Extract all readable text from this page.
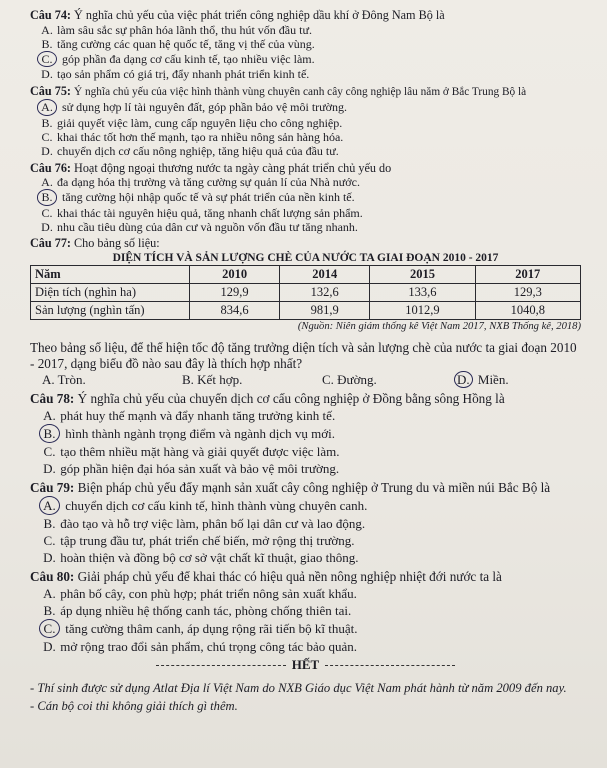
Câu 74: Ý nghĩa chủ yếu của việc phát triển công nghiệp dầu khí ở Đông Nam Bộ là
A. làm sâu sắc sự phân hóa lãnh thổ, thu hút vốn đầu tư.
B. tăng cường các quan hệ quốc tế, tăng vị thế của vùng.
C. góp phần đa dạng cơ cấu kinh tế, tạo nhiều việc làm.
D. tạo sản phẩm có giá trị, đẩy nhanh phát triển kinh tế.
Câu 75: Ý nghĩa chủ yếu của việc hình thành vùng chuyên canh cây công nghiệp lâu năm ở Bắc Trung Bộ là
A. sử dụng hợp lí tài nguyên đất, góp phần bảo vệ môi trường.
B. giải quyết việc làm, cung cấp nguyên liệu cho công nghiệp.
C. khai thác tốt hơn thế mạnh, tạo ra nhiều nông sản hàng hóa.
D. chuyển dịch cơ cấu nông nghiệp, tăng hiệu quả của đầu tư.
Câu 76: Hoạt động ngoại thương nước ta ngày càng phát triển chủ yếu do
A. đa dạng hóa thị trường và tăng cường sự quản lí của Nhà nước.
B. tăng cường hội nhập quốc tế và sự phát triển của nền kinh tế.
C. khai thác tài nguyên hiệu quả, tăng nhanh chất lượng sản phẩm.
D. nhu cầu tiêu dùng của dân cư và nguồn vốn đầu tư tăng nhanh.
Câu 77: Cho bảng số liệu:
DIỆN TÍCH VÀ SẢN LƯỢNG CHÈ CỦA NƯỚC TA GIAI ĐOẠN 2010 - 2017				
Năm	2010	2014	2015	2017
Diện tích (nghìn ha)	129,9	132,6	133,6	129,3
Sản lượng (nghìn tấn)	834,6	981,9	1012,9	1040,8
(Nguồn: Niên giám thống kê Việt Nam 2017, NXB Thống kê, 2018)
Theo bảng số liệu, để thể hiện tốc độ tăng trưởng diện tích và sản lượng chè của nước ta giai đoạn 2010 - 2017, dạng biểu đồ nào sau đây là thích hợp nhất?
A. Tròn.	B. Kết hợp.	C. Đường.	D. Miền.
Câu 78: Ý nghĩa chủ yếu của chuyển dịch cơ cấu công nghiệp ở Đồng bằng sông Hồng là
A. phát huy thế mạnh và đẩy nhanh tăng trưởng kinh tế.
B. hình thành ngành trọng điểm và ngành dịch vụ mới.
C. tạo thêm nhiều mặt hàng và giải quyết được việc làm.
D. góp phần hiện đại hóa sản xuất và bảo vệ môi trường.
Câu 79: Biện pháp chủ yếu đẩy mạnh sản xuất cây công nghiệp ở Trung du và miền núi Bắc Bộ là
A. chuyển dịch cơ cấu kinh tế, hình thành vùng chuyên canh.
B. đào tạo và hỗ trợ việc làm, phân bố lại dân cư và lao động.
C. tập trung đầu tư, phát triển chế biến, mở rộng thị trường.
D. hoàn thiện và đồng bộ cơ sở vật chất kĩ thuật, giao thông.
Câu 80: Giải pháp chủ yếu để khai thác có hiệu quả nền nông nghiệp nhiệt đới nước ta là
A. phân bố cây, con phù hợp; phát triển nông sản xuất khẩu.
B. áp dụng nhiều hệ thống canh tác, phòng chống thiên tai.
C. tăng cường thâm canh, áp dụng rộng rãi tiến bộ kĩ thuật.
D. mở rộng trao đổi sản phẩm, chú trọng công tác bảo quản.
HẾT
- Thí sinh được sử dụng Atlat Địa lí Việt Nam do NXB Giáo dục Việt Nam phát hành từ năm 2009 đến nay.
- Cán bộ coi thi không giải thích gì thêm.
